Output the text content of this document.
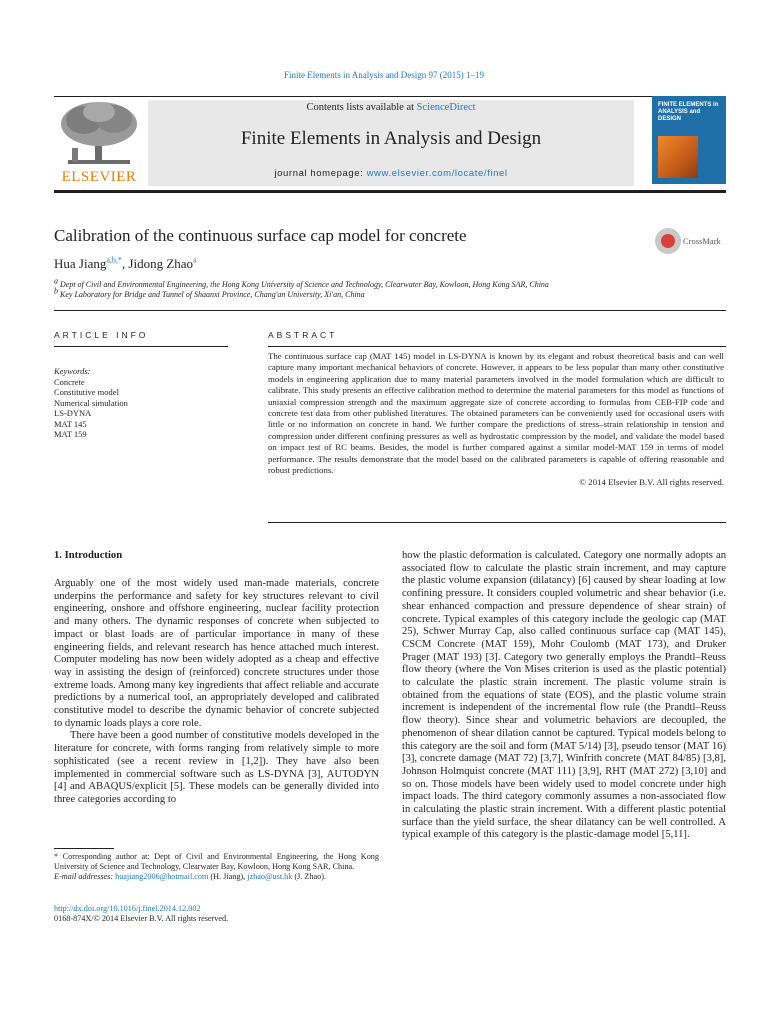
Finite Elements in Analysis and Design 97 (2015) 1–19
ELSEVIER
Contents lists available at ScienceDirect
Finite Elements in Analysis and Design
journal homepage: www.elsevier.com/locate/finel
FINITE ELEMENTS in ANALYSIS and DESIGN
Calibration of the continuous surface cap model for concrete	CrossMark
Hua Jiang$^{a,b,*}$, Jidong Zhao$^a$
$^a$ Dept of Civil and Environmental Engineering, the Hong Kong University of Science and Technology, Clearwater Bay, Kowloon, Hong Kong SAR, China
$^b$ Key Laboratory for Bridge and Tunnel of Shaanxi Province, Chang'an University, Xi'an, China
ARTICLE INFO	ABSTRACT
Keywords:
Concrete
Constitutive model
Numerical simulation
LS-DYNA
MAT 145
MAT 159
The continuous surface cap (MAT 145) model in LS-DYNA is known by its elegant and robust theoretical basis and can well capture many important mechanical behaviors of concrete. However, it appears to be less popular than many other constitutive models in engineering application due to many material parameters involved in the model formulation which are difficult to calibrate. This study presents an effective calibration method to determine the material parameters for this model as functions of uniaxial compression strength and the maximum aggregate size of concrete according to formulas from CEB-FIP code and concrete test data from other published literatures. The obtained parameters can be conveniently used for occasional users with little or no information on concrete in hand. We further compare the predictions of stress–strain relationship in tension and compression under different confining pressures as well as hydrostatic compression by the model, and validate the model based on impact test of RC beams. Besides, the model is further compared against a similar model-MAT 159 in terms of model performance. The results demonstrate that the model based on the calibrated parameters is capable of offering reasonable and robust predictions.
© 2014 Elsevier B.V. All rights reserved.
1. Introduction

Arguably one of the most widely used man-made materials, concrete underpins the performance and safety for key structures relevant to civil engineering, onshore and offshore engineering, nuclear facility protection and many others. The dynamic responses of concrete when subjected to impact or blast loads are of particular importance in many of these engineering fields, and relevant research has hence attached much interest. Computer modeling has now been widely adopted as a cheap and effective way in assisting the design of (reinforced) concrete structures under those extreme loads. Among many key ingredients that affect reliable and accurate predictions by a numerical tool, an appropriately developed and calibrated constitutive model to describe the dynamic behavior of concrete subjected to dynamic loads plays a core role.

There have been a good number of constitutive models developed in the literature for concrete, with forms ranging from relatively simple to more sophisticated (see a recent review in [1,2]). They have also been implemented in commercial software such as LS-DYNA [3], AUTODYN [4] and ABAQUS/explicit [5]. These models can be generally divided into three categories according to

how the plastic deformation is calculated. Category one normally adopts an associated flow to calculate the plastic strain increment, and may capture the plastic volume expansion (dilatancy) [6] caused by shear loading at low confining pressure. It considers coupled volumetric and shear behavior (i.e. shear enhanced compaction and pressure dependence of shear strain) of concrete. Typical examples of this category include the geologic cap (MAT 25), Schwer Murray Cap, also called continuous surface cap (MAT 145), CSCM Concrete (MAT 159), Mohr Coulomb (MAT 173), and Druker Prager (MAT 193) [3]. Category two generally employs the Prandtl–Reuss flow theory (where the Von Mises criterion is used as the plastic potential) to calculate the plastic strain increment. The plastic volume strain is obtained from the equations of state (EOS), and the plastic volume strain increment is independent of the incremental flow rule (the Prandtl–Reuss flow theory). Since shear and volumetric behaviors are decoupled, the phenomenon of shear dilation cannot be captured. Typical models belong to this category are the soil and form (MAT 5/14) [3], pseudo tensor (MAT 16) [3], concrete damage (MAT 72) [3,7], Winfrith concrete (MAT 84/85) [3,8], Johnson Holmquist concrete (MAT 111) [3,9], RHT (MAT 272) [3,10] and so on. Those models have been widely used to model concrete under high impact loads. The third category commonly assumes a non-associated flow in calculating the plastic strain increment. With a different plastic potential surface than the yield surface, the shear dilatancy can be well controlled. A typical example of this category is the plastic-damage model [5,11].

* Corresponding author at: Dept of Civil and Environmental Engineering, the Hong Kong University of Science and Technology, Clearwater Bay, Kowloon, Hong Kong SAR, China.
E-mail addresses: huajiang2006@hotmail.com (H. Jiang), jzhao@ust.hk (J. Zhao).
http://dx.doi.org/10.1016/j.finel.2014.12.002
0168-874X/© 2014 Elsevier B.V. All rights reserved.
